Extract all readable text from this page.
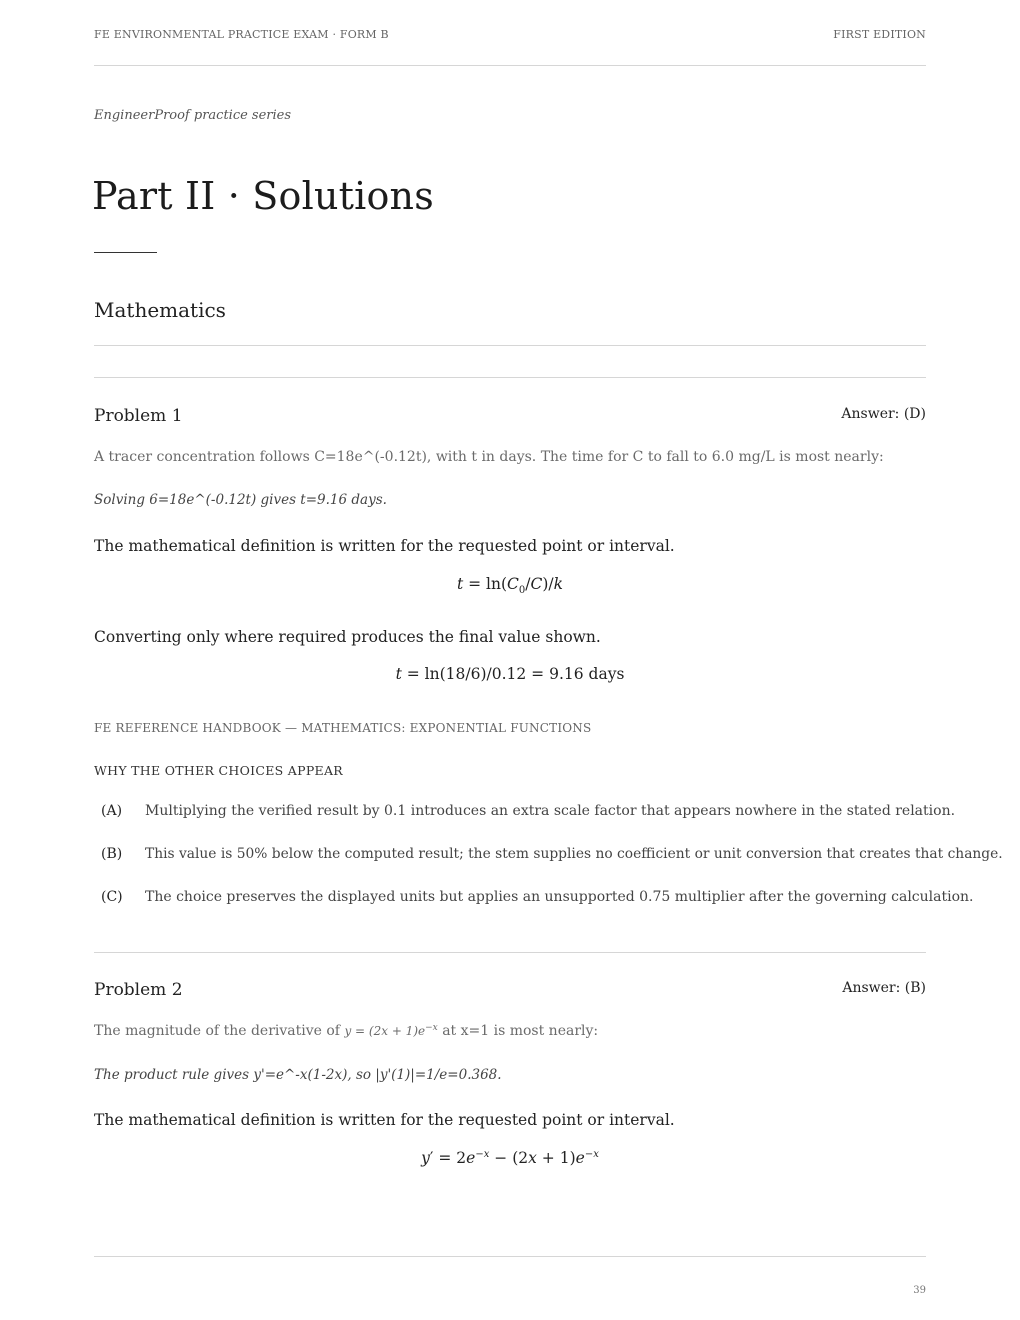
FE ENVIRONMENTAL PRACTICE EXAM · FORM B	FIRST EDITION
EngineerProof practice series
Part II · Solutions
Mathematics
Problem 1	Answer: (D)
A tracer concentration follows C=18e^(-0.12t), with t in days. The time for C to fall to 6.0 mg/L is most nearly:
Solving 6=18e^(-0.12t) gives t=9.16 days.
The mathematical definition is written for the requested point or interval.
$t = \ln(C_0/C)/k$
Converting only where required produces the final value shown.
t = ln(18/6)/0.12 = 9.16 days
FE REFERENCE HANDBOOK — MATHEMATICS: EXPONENTIAL FUNCTIONS
WHY THE OTHER CHOICES APPEAR
(A) Multiplying the verified result by 0.1 introduces an extra scale factor that appears nowhere in the stated relation.
(B) This value is 50% below the computed result; the stem supplies no coefficient or unit conversion that creates that change.
(C) The choice preserves the displayed units but applies an unsupported 0.75 multiplier after the governing calculation.
Problem 2	Answer: (B)
The magnitude of the derivative of $y = (2x + 1)e^{-x}$ at x=1 is most nearly:
The product rule gives y'=e^-x(1-2x), so |y'(1)|=1/e=0.368.
The mathematical definition is written for the requested point or interval.
$y' = 2e^{-x} - (2x + 1)e^{-x}$
39
